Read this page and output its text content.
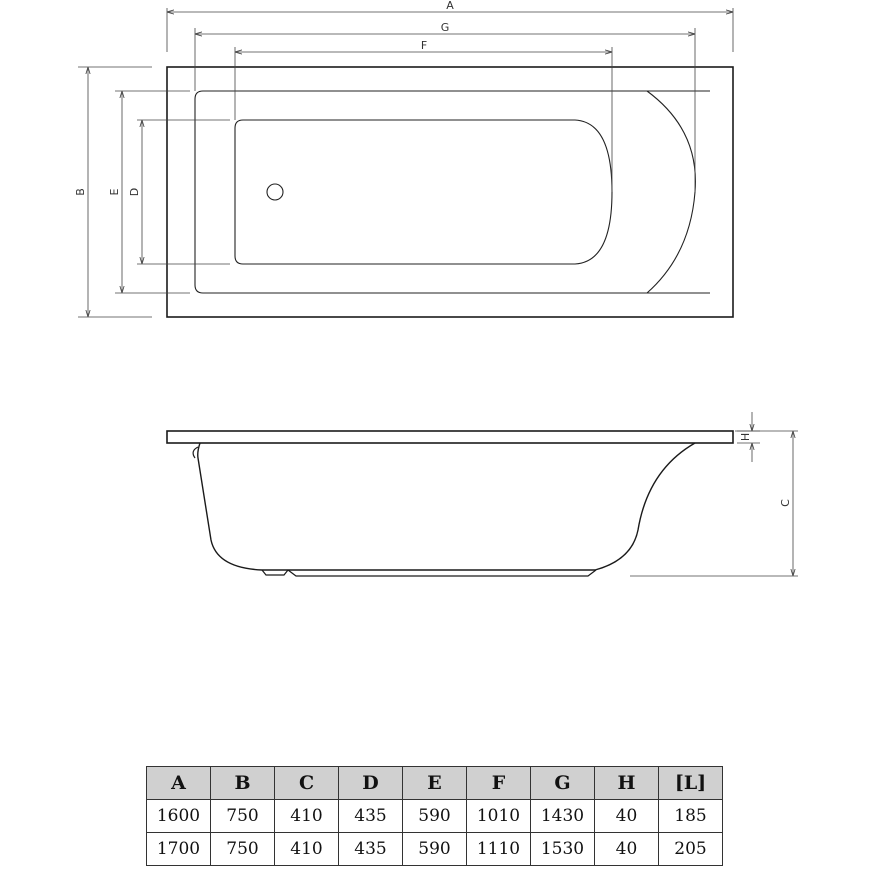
A
G
F
B E D
H
C
A	B	C	D	E	F	G	H	[L]
1600	750	410	435	590	1010	1430	40	185
1700	750	410	435	590	1110	1530	40	205
